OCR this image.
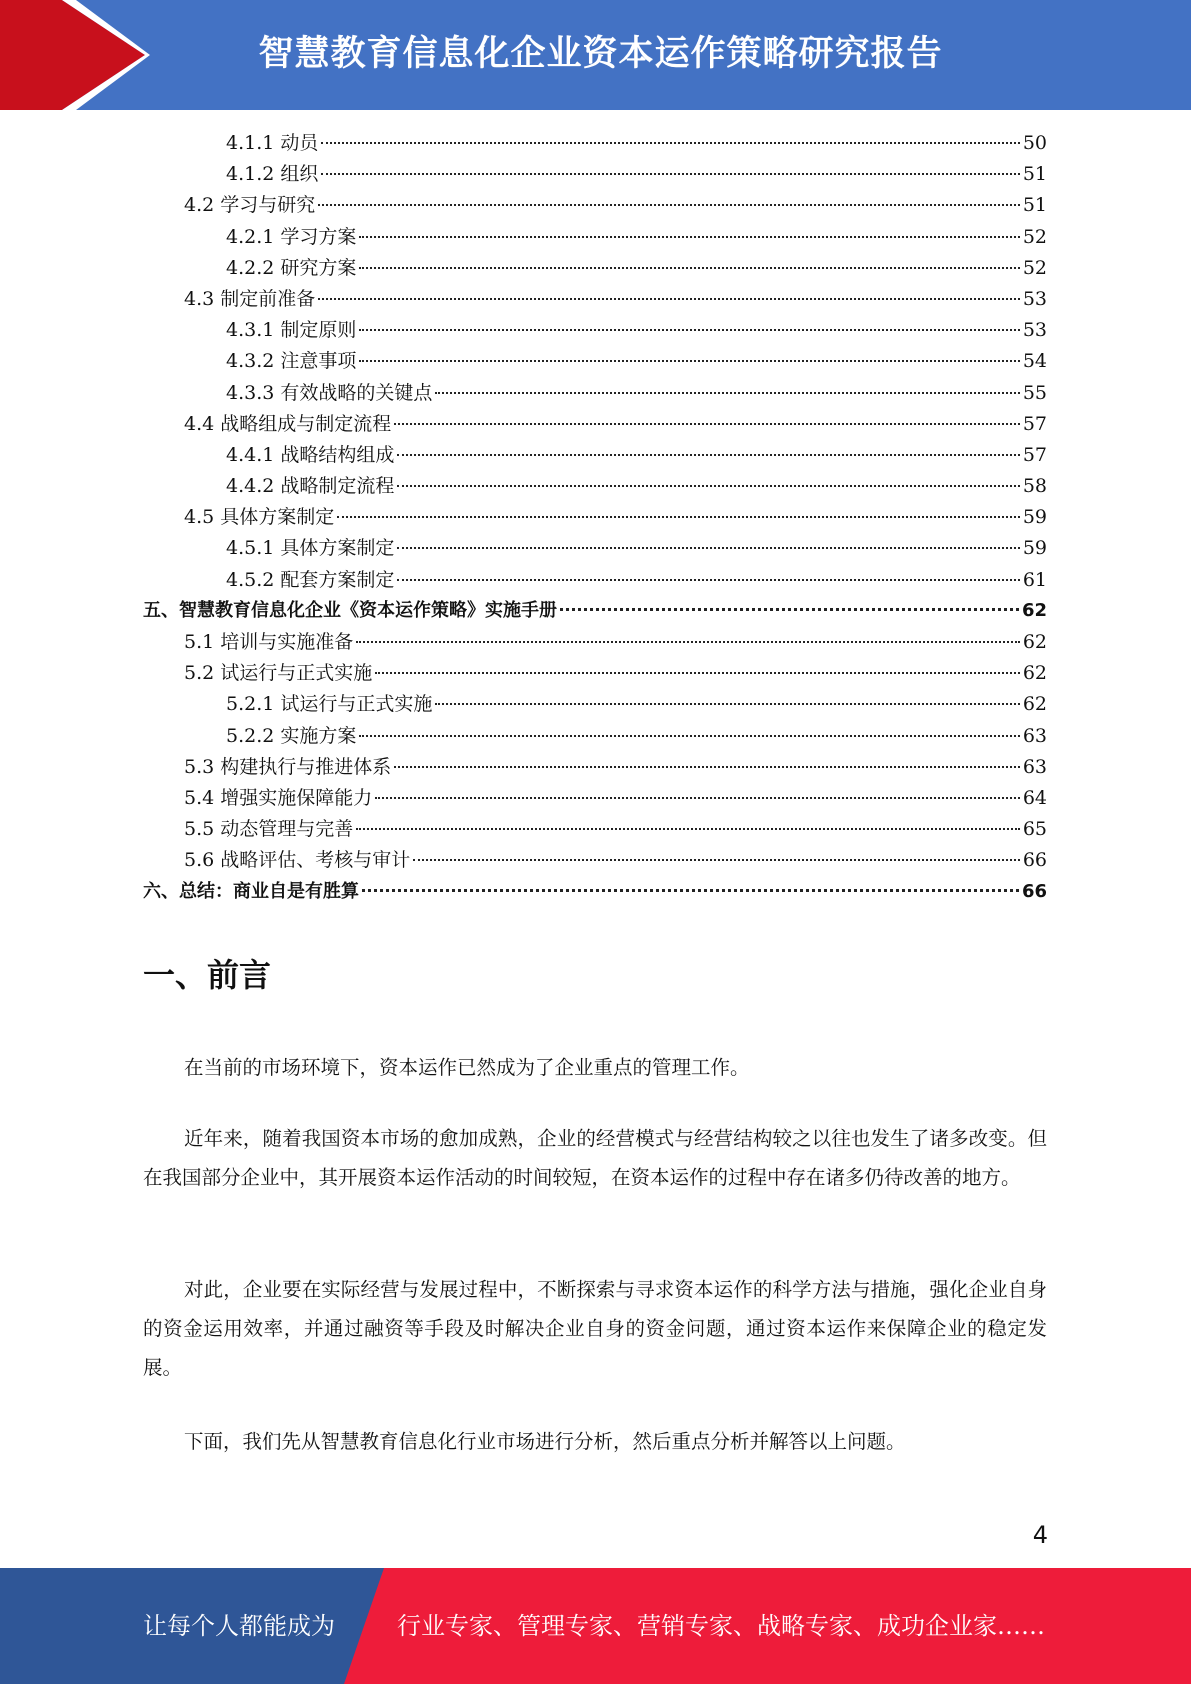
智慧教育信息化企业资本运作策略研究报告
4.1.1 动员	50
4.1.2 组织	51
4.2 学习与研究	51
4.2.1 学习方案	52
4.2.2 研究方案	52
4.3 制定前准备	53
4.3.1 制定原则	53
4.3.2 注意事项	54
4.3.3 有效战略的关键点	55
4.4 战略组成与制定流程	57
4.4.1 战略结构组成	57
4.4.2 战略制定流程	58
4.5 具体方案制定	59
4.5.1 具体方案制定	59
4.5.2 配套方案制定	61
五、智慧教育信息化企业《资本运作策略》实施手册	62
5.1 培训与实施准备	62
5.2 试运行与正式实施	62
5.2.1 试运行与正式实施	62
5.2.2 实施方案	63
5.3 构建执行与推进体系	63
5.4 增强实施保障能力	64
5.5 动态管理与完善	65
5.6 战略评估、考核与审计	66
六、总结：商业自是有胜算	66
一、前言

在当前的市场环境下，资本运作已然成为了企业重点的管理工作。

近年来，随着我国资本市场的愈加成熟，企业的经营模式与经营结构较之以往也发生了诸多改变。但在我国部分企业中，其开展资本运作活动的时间较短，在资本运作的过程中存在诸多仍待改善的地方。

对此，企业要在实际经营与发展过程中，不断探索与寻求资本运作的科学方法与措施，强化企业自身的资金运用效率，并通过融资等手段及时解决企业自身的资金问题，通过资本运作来保障企业的稳定发展。

下面，我们先从智慧教育信息化行业市场进行分析，然后重点分析并解答以上问题。

4
让每个人都能成为	行业专家、管理专家、营销专家、战略专家、成功企业家……
